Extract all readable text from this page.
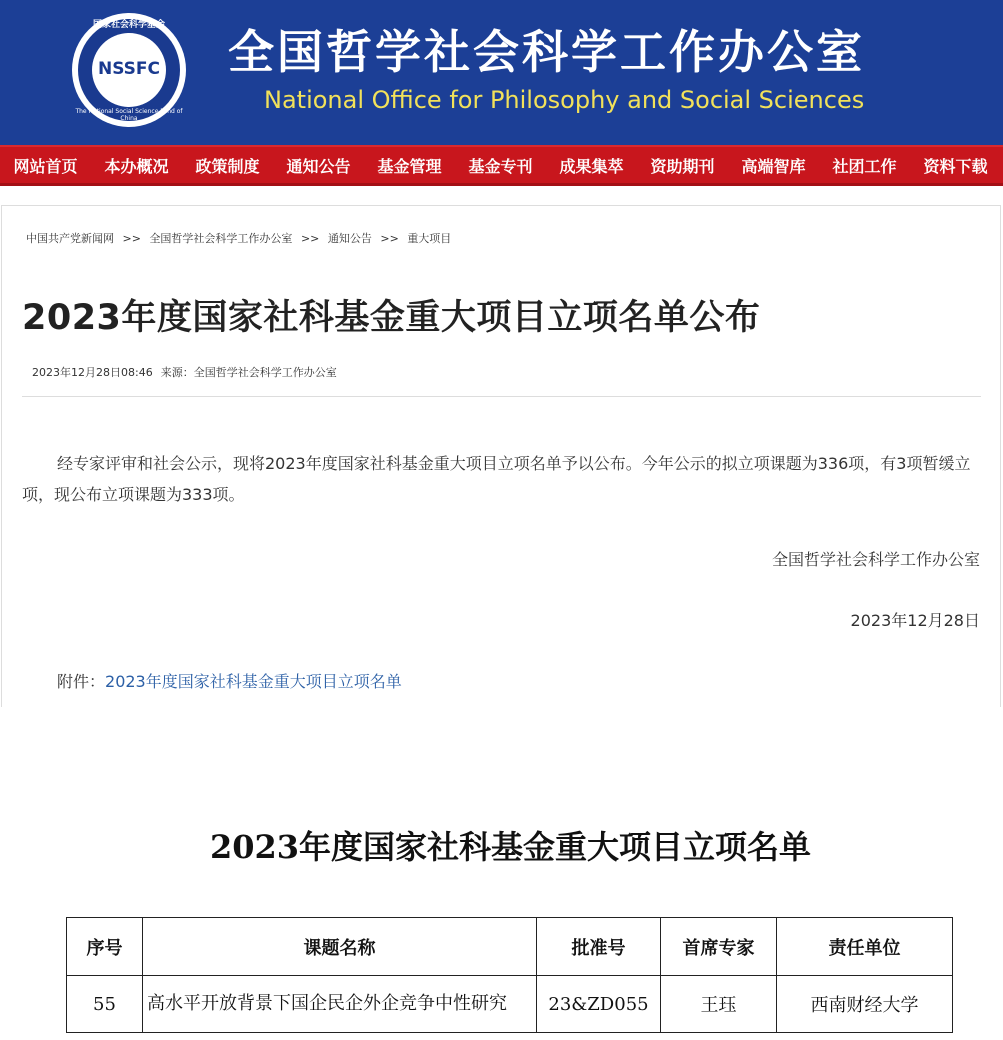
国家社会科学基金
NSSFC
The National Social Science Fund of China
全国哲学社会科学工作办公室
National Office for Philosophy and Social Sciences
网站首页	本办概况	政策制度	通知公告	基金管理	基金专刊	成果集萃	资助期刊	高端智库	社团工作	资料下载
中国共产党新闻网 >> 全国哲学社会科学工作办公室 >> 通知公告 >> 重大项目
2023年度国家社科基金重大项目立项名单公布
2023年12月28日08:46 来源：全国哲学社会科学工作办公室

经专家评审和社会公示，现将2023年度国家社科基金重大项目立项名单予以公布。今年公示的拟立项课题为336项，有3项暂缓立项，现公布立项课题为333项。

全国哲学社会科学工作办公室
2023年12月28日
附件：2023年度国家社科基金重大项目立项名单
2023年度国家社科基金重大项目立项名单
序号	课题名称	批准号	首席专家	责任单位
55	高水平开放背景下国企民企外企竞争中性研究	23&ZD055	王珏	西南财经大学
